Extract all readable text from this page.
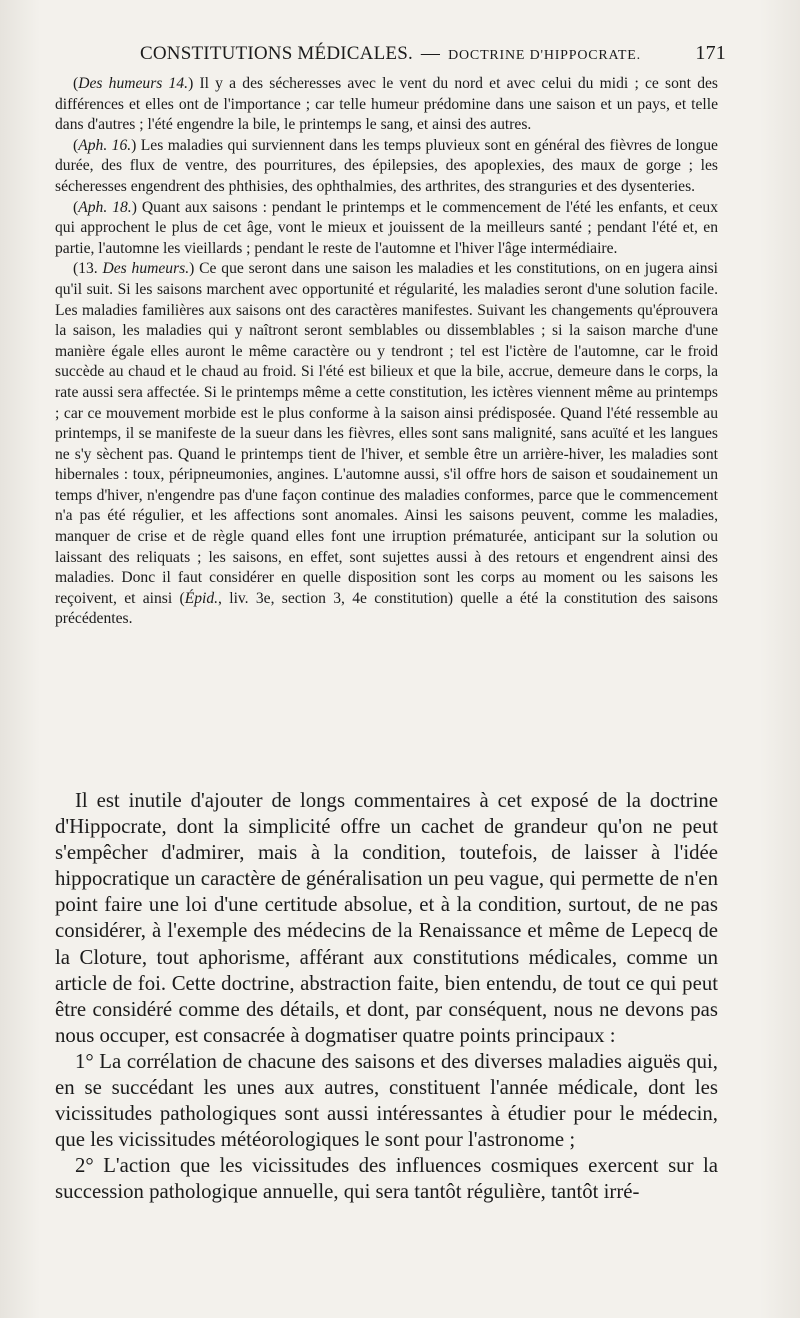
CONSTITUTIONS MÉDICALES. — DOCTRINE D'HIPPOCRATE.	171

(Des humeurs 14.) Il y a des sécheresses avec le vent du nord et avec celui du midi ; ce sont des différences et elles ont de l'importance ; car telle humeur prédomine dans une saison et un pays, et telle dans d'autres ; l'été engendre la bile, le printemps le sang, et ainsi des autres.

(Aph. 16.) Les maladies qui surviennent dans les temps pluvieux sont en général des fièvres de longue durée, des flux de ventre, des pourritures, des épilepsies, des apoplexies, des maux de gorge ; les sécheresses engendrent des phthisies, des ophthalmies, des arthrites, des stranguries et des dysenteries.

(Aph. 18.) Quant aux saisons : pendant le printemps et le commencement de l'été les enfants, et ceux qui approchent le plus de cet âge, vont le mieux et jouissent de la meilleurs santé ; pendant l'été et, en partie, l'automne les vieillards ; pendant le reste de l'automne et l'hiver l'âge intermédiaire.

(13. Des humeurs.) Ce que seront dans une saison les maladies et les constitutions, on en jugera ainsi qu'il suit. Si les saisons marchent avec opportunité et régularité, les maladies seront d'une solution facile. Les maladies familières aux saisons ont des caractères manifestes. Suivant les changements qu'éprouvera la saison, les maladies qui y naîtront seront semblables ou dissemblables ; si la saison marche d'une manière égale elles auront le même caractère ou y tendront ; tel est l'ictère de l'automne, car le froid succède au chaud et le chaud au froid. Si l'été est bilieux et que la bile, accrue, demeure dans le corps, la rate aussi sera affectée. Si le printemps même a cette constitution, les ictères viennent même au printemps ; car ce mouvement morbide est le plus conforme à la saison ainsi prédisposée. Quand l'été ressemble au printemps, il se manifeste de la sueur dans les fièvres, elles sont sans malignité, sans acuïté et les langues ne s'y sèchent pas. Quand le printemps tient de l'hiver, et semble être un arrière-hiver, les maladies sont hibernales : toux, péripneumonies, angines. L'automne aussi, s'il offre hors de saison et soudainement un temps d'hiver, n'engendre pas d'une façon continue des maladies conformes, parce que le commencement n'a pas été régulier, et les affections sont anomales. Ainsi les saisons peuvent, comme les maladies, manquer de crise et de règle quand elles font une irruption prématurée, anticipant sur la solution ou laissant des reliquats ; les saisons, en effet, sont sujettes aussi à des retours et engendrent ainsi des maladies. Donc il faut considérer en quelle disposition sont les corps au moment ou les saisons les reçoivent, et ainsi (Épid., liv. 3e, section 3, 4e constitution) quelle a été la constitution des saisons précédentes.

Il est inutile d'ajouter de longs commentaires à cet exposé de la doctrine d'Hippocrate, dont la simplicité offre un cachet de grandeur qu'on ne peut s'empêcher d'admirer, mais à la condition, toutefois, de laisser à l'idée hippocratique un caractère de généralisation un peu vague, qui permette de n'en point faire une loi d'une certitude absolue, et à la condition, surtout, de ne pas considérer, à l'exemple des médecins de la Renaissance et même de Lepecq de la Cloture, tout aphorisme, afférant aux constitutions médicales, comme un article de foi. Cette doctrine, abstraction faite, bien entendu, de tout ce qui peut être considéré comme des détails, et dont, par conséquent, nous ne devons pas nous occuper, est consacrée à dogmatiser quatre points principaux :

1° La corrélation de chacune des saisons et des diverses maladies aiguës qui, en se succédant les unes aux autres, constituent l'année médicale, dont les vicissitudes pathologiques sont aussi intéressantes à étudier pour le médecin, que les vicissitudes météorologiques le sont pour l'astronome ;

2° L'action que les vicissitudes des influences cosmiques exercent sur la succession pathologique annuelle, qui sera tantôt régulière, tantôt irré-
